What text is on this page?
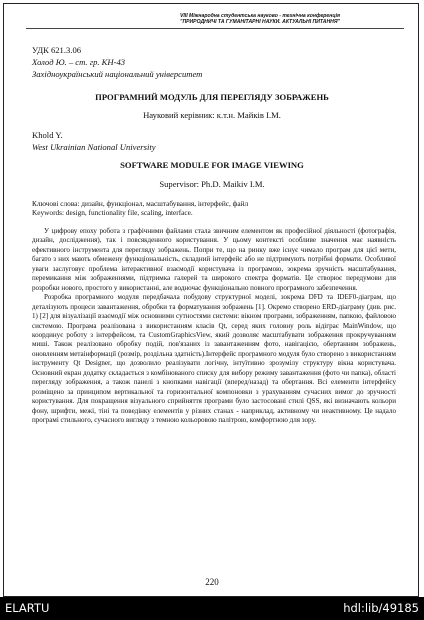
VIII Міжнародна студентська науково - технічна конференція
"ПРИРОДНИЧІ ТА ГУМАНІТАРНІ НАУКИ. АКТУАЛЬНІ ПИТАННЯ"
УДК 621.3.06
Холод Ю. – ст. гр. КН-43
Західноукраїнський національний університет
ПРОГРАМНИЙ МОДУЛЬ ДЛЯ ПЕРЕГЛЯДУ ЗОБРАЖЕНЬ
Науковий керівник: к.т.н. Майків І.М.
Khold Y.
West Ukrainian National University
SOFTWARE MODULE FOR IMAGE VIEWING
Supervisor: Ph.D. Maikiv I.M.
Ключові слова: дизайн, функціонал, масштабування, інтерфейс, файл
Keywords: design, functionality file, scaling, interface.

У цифрову епоху робота з графічними файлами стала звичним елементом як професійної діяльності (фотографія, дизайн, дослідження), так і повсякденного користування. У цьому контексті особливе значення має наявність ефективного інструмента для перегляду зображень. Попри те, що на ринку вже існує чимало програм для цієї мети, багато з них мають обмежену функціональність, складний інтерфейс або не підтримують потрібні формати. Особливої уваги заслуговує проблема інтерактивної взаємодії користувача із програмою, зокрема зручність масштабування, перемикання між зображеннями, підтримка галерей та широкого спектра форматів. Це створює передумови для розробки нового, простого у використанні, але водночас функціонально повного програмного забезпечення.

Розробка програмного модуля передбачала побудову структурної моделі, зокрема DFD та IDEF0-діаграм, що деталізують процеси завантаження, обробки та форматування зображень [1]. Окремо створено ERD-діаграму (див. рис. 1) [2] для візуалізації взаємодії між основними сутностями системи: вікном програми, зображенням, папкою, файловою системою. Програма реалізована з використанням класів Qt, серед яких головну роль відіграє MainWindow, що координує роботу з інтерфейсом, та CustomGraphicsView, який дозволяє масштабувати зображення прокручуванням миші. Також реалізовано обробку подій, пов'язаних із завантаженням фото, навігацією, обертанням зображень, оновленням метаінформації (розмір, роздільна здатність).Інтерфейс програмного модуля було створено з використанням інструменту Qt Designer, що дозволило реалізувати логічну, інтуїтивно зрозумілу структуру вікна користувача. Основний екран додатку складається з комбінованого списку для вибору режиму завантаження (фото чи папка), області перегляду зображення, а також панелі з кнопками навігації (вперед/назад) та обертання. Всі елементи інтерфейсу розміщено за принципом вертикальної та горизонтальної компоновки з урахуванням сучасних вимог до зручності користування. Для покращення візуального сприйняття програми було застосовані стилі QSS, які визначають кольори фону, шрифти, межі, тіні та поведінку елементів у різних станах - наприклад, активному чи неактивному. Це надало програмі стильного, сучасного вигляду з темною кольоровою палітрою, комфортною для зору.

220
ELARTU	hdl:lib/49185
